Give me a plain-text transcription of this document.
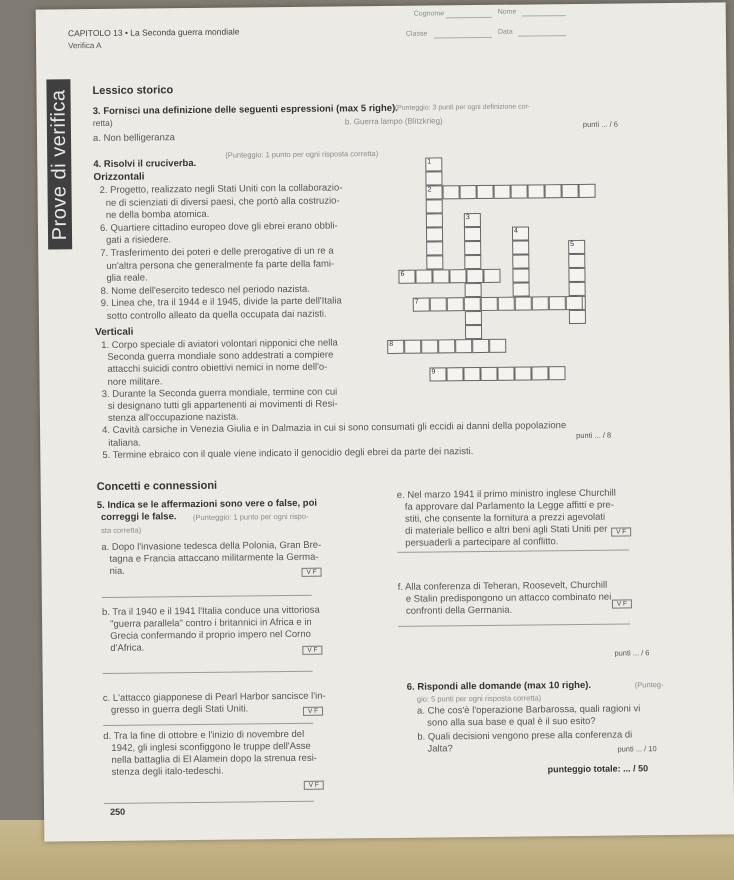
CAPITOLO 13 • La Seconda guerra mondiale
Verifica A
Cognome	Nome
Classe	Data
Prove di verifica Lessico storico
3. Fornisci una definizione delle seguenti espressioni (max 5 righe).
(Punteggio: 3 punti per ogni definizione cor-
retta)
a. Non belligeranza
b. Guerra lampo (Blitzkrieg)	punti ... / 6
4. Risolvi il cruciverba.
(Punteggio: 1 punto per ogni risposta corretta)
Orizzontali
2. Progetto, realizzato negli Stati Uniti con la collaborazio-
ne di scienziati di diversi paesi, che portò alla costruzio-
ne della bomba atomica.
6. Quartiere cittadino europeo dove gli ebrei erano obbli-
gati a risiedere.
7. Trasferimento dei poteri e delle prerogative di un re a
un'altra persona che generalmente fa parte della fami-
glia reale.
8. Nome dell'esercito tedesco nel periodo nazista.
9. Linea che, tra il 1944 e il 1945, divide la parte dell'Italia
sotto controllo alleato da quella occupata dai nazisti.
Verticali
1. Corpo speciale di aviatori volontari nipponici che nella
Seconda guerra mondiale sono addestrati a compiere
attacchi suicidi contro obiettivi nemici in nome dell'o-
nore militare.
3. Durante la Seconda guerra mondiale, termine con cui
si designano tutti gli appartenenti ai movimenti di Resi-
stenza all'occupazione nazista.
4. Cavità carsiche in Venezia Giulia e in Dalmazia in cui si sono consumati gli eccidi ai danni della popolazione
italiana.
5. Termine ebraico con il quale viene indicato il genocidio degli ebrei da parte dei nazisti.
punti ... / 8
1
2
3
4
5
6
7
8
9
Concetti e connessioni
5. Indica se le affermazioni sono vere o false, poi
correggi le false. (Punteggio: 1 punto per ogni rispo-
sta corretta)
a. Dopo l'invasione tedesca della Polonia, Gran Bre-
tagna e Francia attaccano militarmente la Germa-
nia.	V F
b. Tra il 1940 e il 1941 l'Italia conduce una vittoriosa
"guerra parallela" contro i britannici in Africa e in
Grecia confermando il proprio impero nel Corno
d'Africa.	V F
c. L'attacco giapponese di Pearl Harbor sancisce l'in-
gresso in guerra degli Stati Uniti.	V F
d. Tra la fine di ottobre e l'inizio di novembre del
1942, gli inglesi sconfiggono le truppe dell'Asse
nella battaglia di El Alamein dopo la strenua resi-
stenza degli italo-tedeschi.
V F
e. Nel marzo 1941 il primo ministro inglese Churchill
fa approvare dal Parlamento la Legge affitti e pre-
stiti, che consente la fornitura a prezzi agevolati
di materiale bellico e altri beni agli Stati Uniti per
persuaderli a partecipare al conflitto.
V F
f. Alla conferenza di Teheran, Roosevelt, Churchill
e Stalin predispongono un attacco combinato nei
confronti della Germania.
V F
punti ... / 6
6. Rispondi alle domande (max 10 righe).	(Punteg-
gio: 5 punti per ogni risposta corretta)
a. Che cos'è l'operazione Barbarossa, quali ragioni vi
sono alla sua base e qual è il suo esito?
b. Quali decisioni vengono prese alla conferenza di
Jalta?	punti ... / 10
punteggio totale: ... / 50
250
